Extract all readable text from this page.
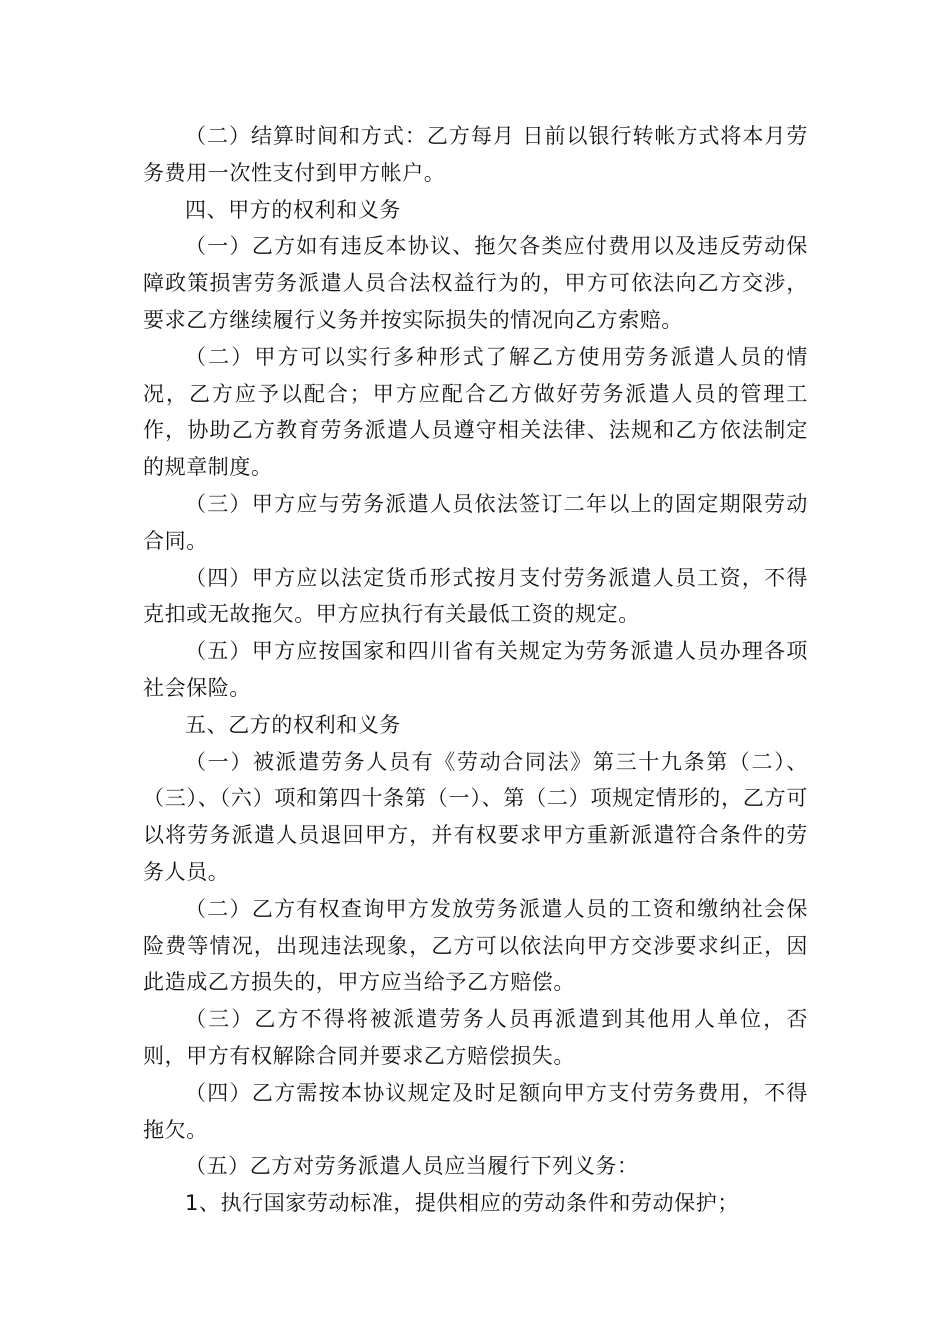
（二）结算时间和方式：乙方每月 日前以银行转帐方式将本月劳务费用一次性支付到甲方帐户。

四、甲方的权利和义务

（一）乙方如有违反本协议、拖欠各类应付费用以及违反劳动保障政策损害劳务派遣人员合法权益行为的，甲方可依法向乙方交涉，要求乙方继续履行义务并按实际损失的情况向乙方索赔。

（二）甲方可以实行多种形式了解乙方使用劳务派遣人员的情况，乙方应予以配合；甲方应配合乙方做好劳务派遣人员的管理工作，协助乙方教育劳务派遣人员遵守相关法律、法规和乙方依法制定的规章制度。

（三）甲方应与劳务派遣人员依法签订二年以上的固定期限劳动合同。

（四）甲方应以法定货币形式按月支付劳务派遣人员工资，不得克扣或无故拖欠。甲方应执行有关最低工资的规定。

（五）甲方应按国家和四川省有关规定为劳务派遣人员办理各项社会保险。

五、乙方的权利和义务

（一）被派遣劳务人员有《劳动合同法》第三十九条第（二）、（三）、（六）项和第四十条第（一）、第（二）项规定情形的，乙方可以将劳务派遣人员退回甲方，并有权要求甲方重新派遣符合条件的劳务人员。

（二）乙方有权查询甲方发放劳务派遣人员的工资和缴纳社会保险费等情况，出现违法现象，乙方可以依法向甲方交涉要求纠正，因此造成乙方损失的，甲方应当给予乙方赔偿。

（三）乙方不得将被派遣劳务人员再派遣到其他用人单位，否则，甲方有权解除合同并要求乙方赔偿损失。

（四）乙方需按本协议规定及时足额向甲方支付劳务费用，不得拖欠。

（五）乙方对劳务派遣人员应当履行下列义务：

1、执行国家劳动标准，提供相应的劳动条件和劳动保护；
